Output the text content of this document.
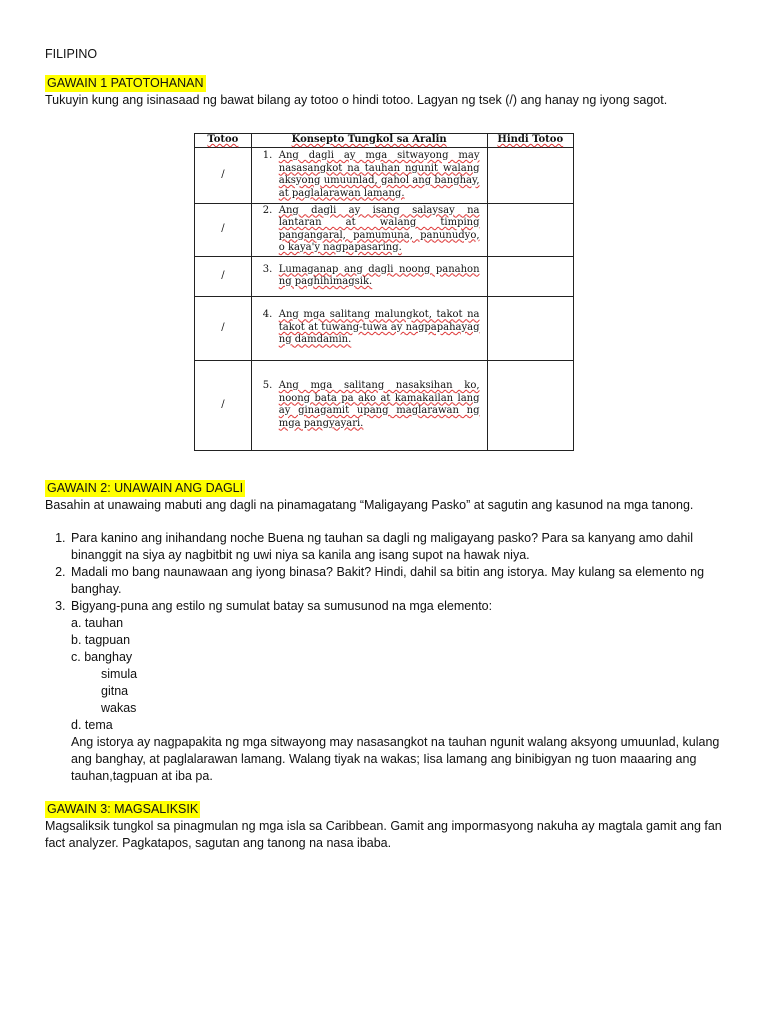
FILIPINO

GAWAIN 1 PATOTOHANAN

Tukuyin kung ang isinasaad ng bawat bilang ay totoo o hindi totoo. Lagyan ng tsek (/) ang hanay ng iyong sagot.

Totoo	Konsepto Tungkol sa Aralin	Hindi Totoo
/	1. Ang dagli ay mga sitwayong may nasasangkot na tauhan ngunit walang aksyong umuunlad, gahol ang banghay, at paglalarawan lamang.	

/	2. Ang dagli ay isang salaysay na lantaran at walang timping pangangaral, pamumuna, panunudyo, o kaya'y nagpapasaring.	

/	3. Lumaganap ang dagli noong panahon ng paghihimagsik.	

/	4. Ang mga salitang malungkot, takot na takot at tuwang-tuwa ay nagpapahayag ng damdamin.	

/	5. Ang mga salitang nasaksihan ko, noong bata pa ako at kamakailan lang ay ginagamit upang maglarawan ng mga pangyayari.	

GAWAIN 2: UNAWAIN ANG DAGLI

Basahin at unawaing mabuti ang dagli na pinamagatang “Maligayang Pasko” at sagutin ang kasunod na mga tanong.

1. Para kanino ang inihandang noche Buena ng tauhan sa dagli ng maligayang pasko? Para sa kanyang amo dahil binanggit na siya ay nagbitbit ng uwi niya sa kanila ang isang supot na hawak niya.
2. Madali mo bang naunawaan ang iyong binasa? Bakit? Hindi, dahil sa bitin ang istorya. May kulang sa elemento ng banghay.
3. Bigyang-puna ang estilo ng sumulat batay sa sumusunod na mga elemento:

a. tauhan

b. tagpuan

c. banghay

simula

gitna

wakas

d. tema

Ang istorya ay nagpapakita ng mga sitwayong may nasasangkot na tauhan ngunit walang aksyong umuunlad, kulang ang banghay, at paglalarawan lamang. Walang tiyak na wakas; Iisa lamang ang binibigyan ng tuon maaaring ang tauhan,tagpuan at iba pa.

GAWAIN 3: MAGSALIKSIK

Magsaliksik tungkol sa pinagmulan ng mga isla sa Caribbean. Gamit ang impormasyong nakuha ay magtala gamit ang fan fact analyzer. Pagkatapos, sagutan ang tanong na nasa ibaba.
